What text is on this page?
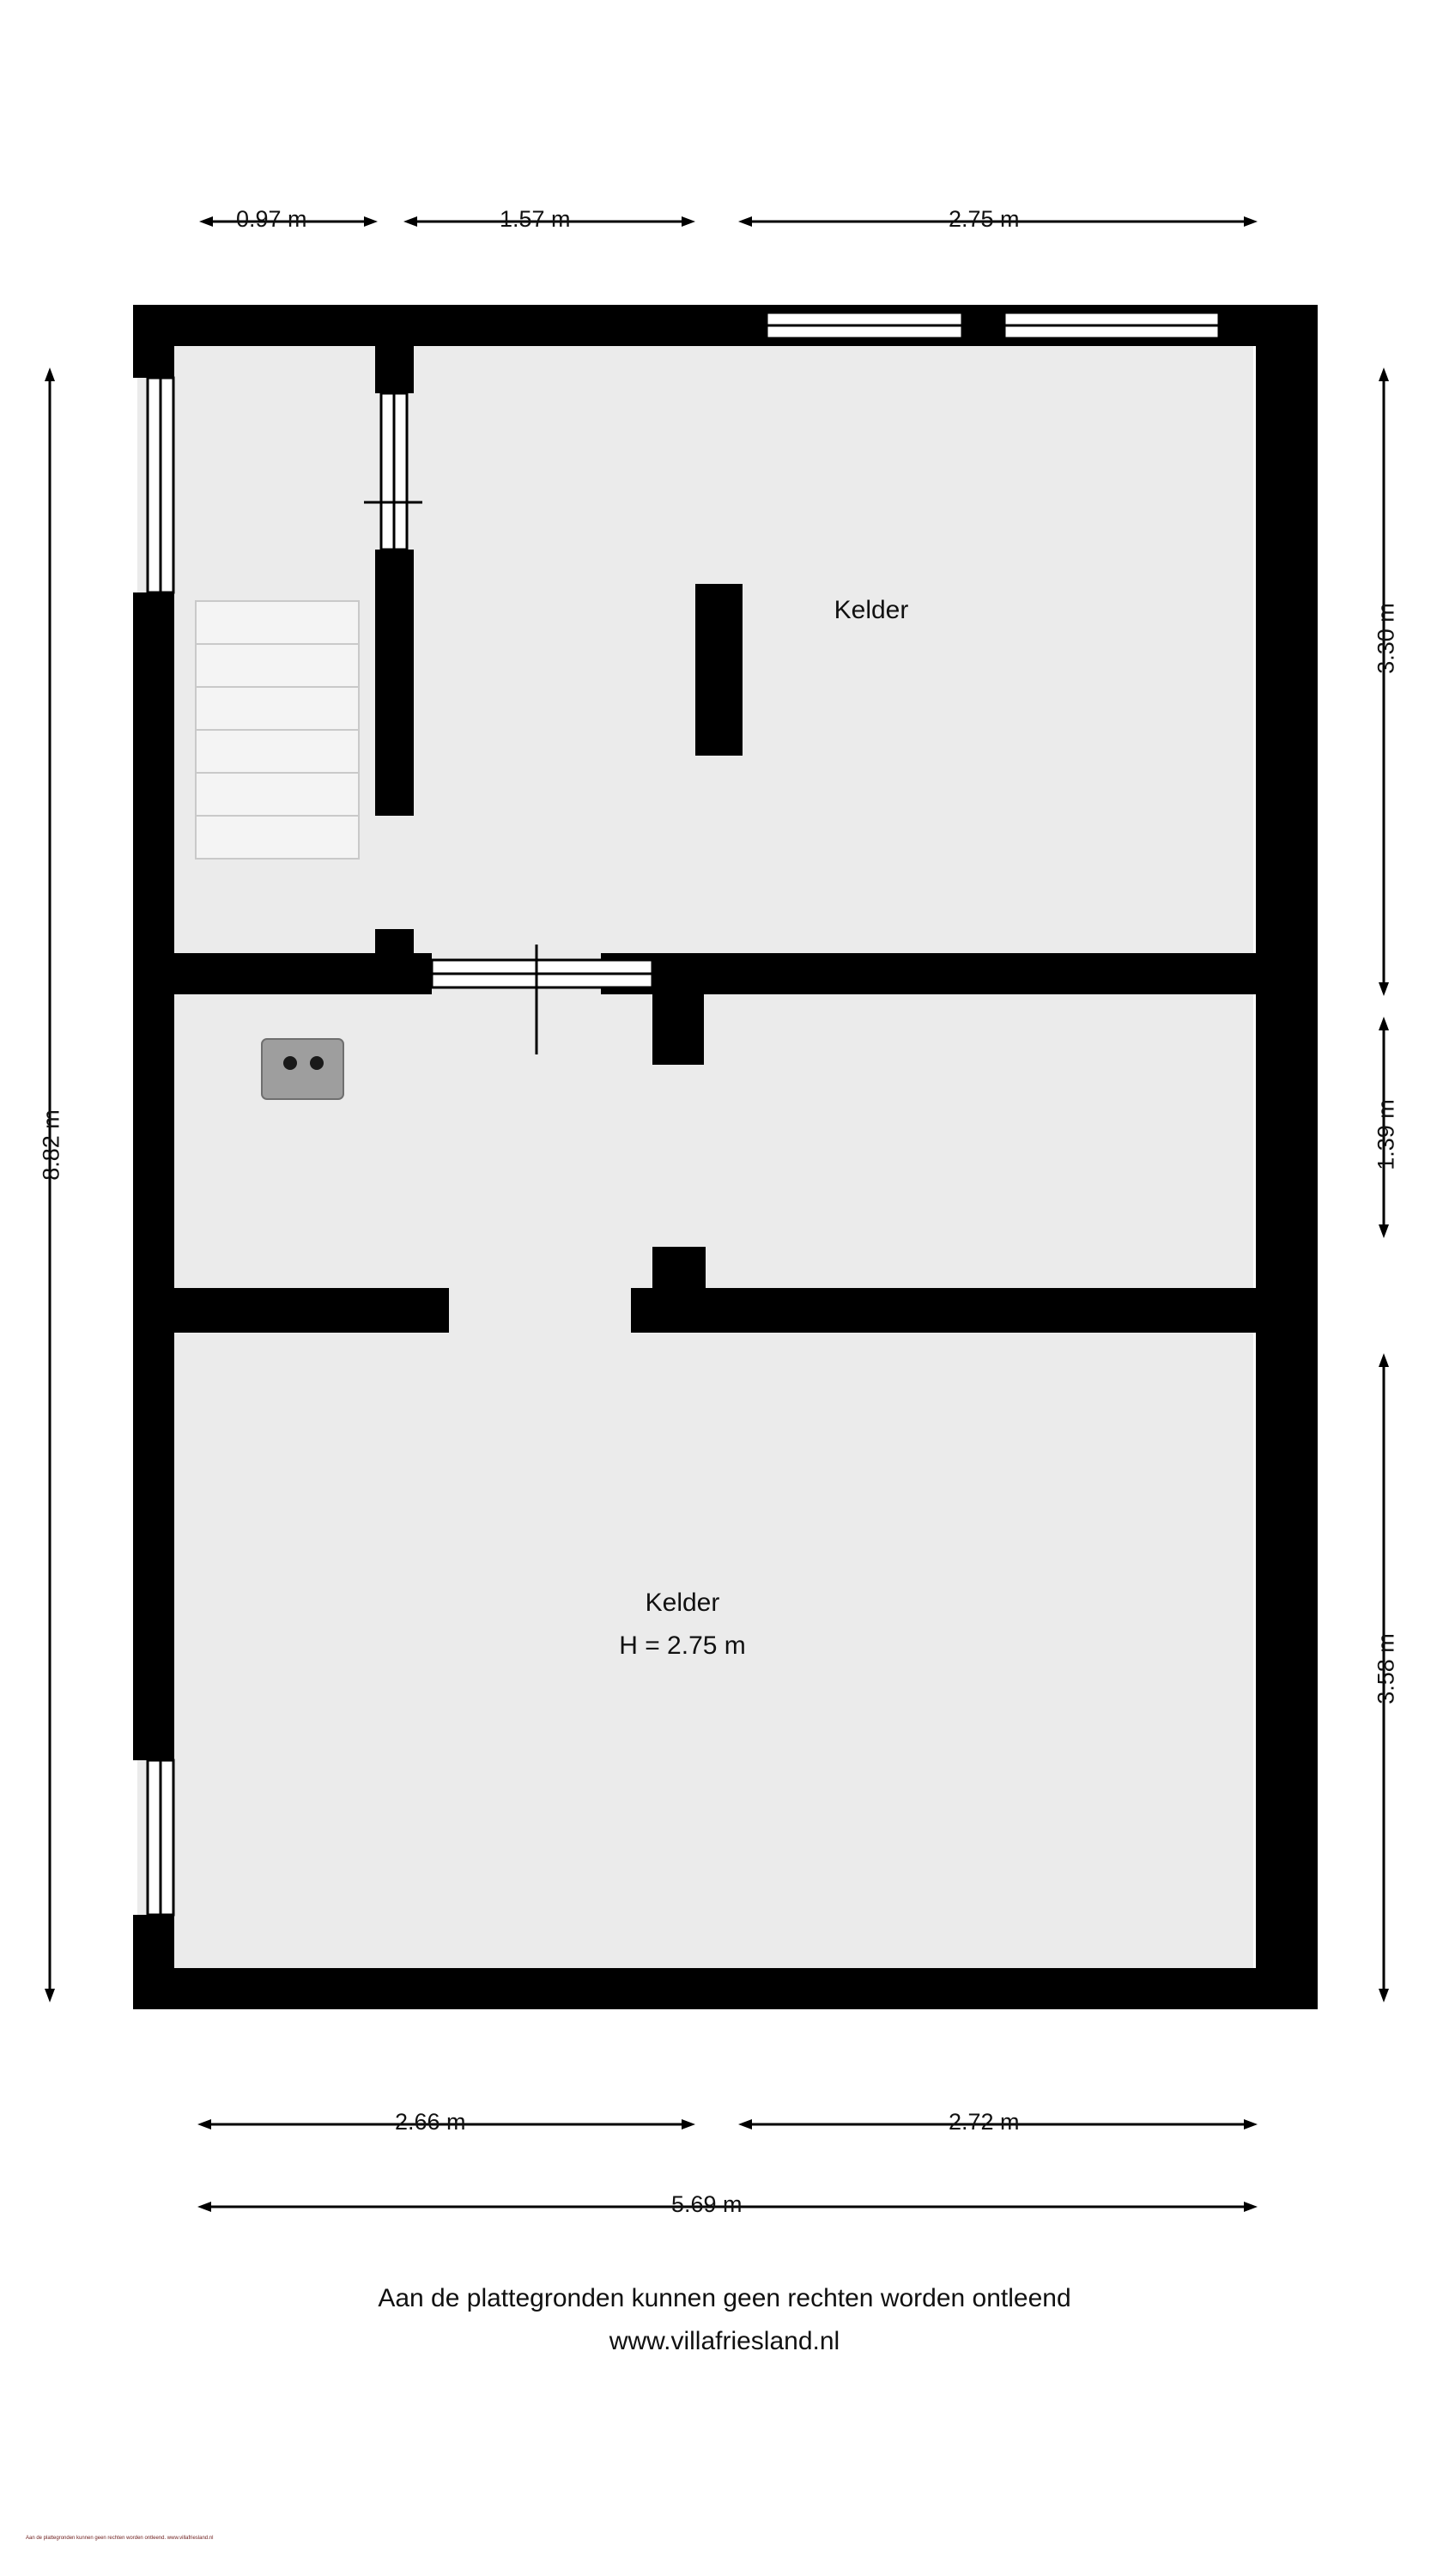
0.97 m	1.57 m	2.75 m
8.82 m
3.30 m
1.39 m
3.58 m
2.66 m	2.72 m
5.69 m
Kelder
Kelder
H = 2.75 m
Aan de plattegronden kunnen geen rechten worden ontleend
www.villafriesland.nl
Aan de plattegronden kunnen geen rechten worden ontleend. www.villafriesland.nl
